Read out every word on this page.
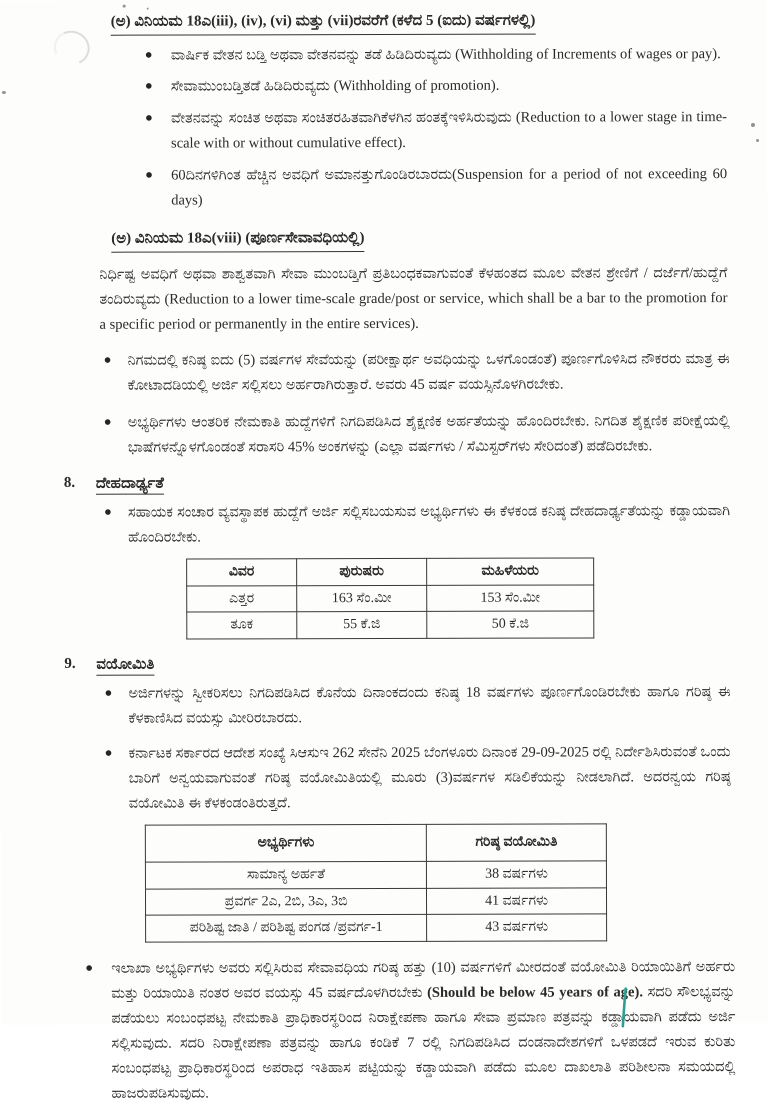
(ಅ) ವಿನಿಯಮ 18ಎ(iii), (iv), (vi) ಮತ್ತು (vii)ರವರೆಗೆ (ಕಳೆದ 5 (ಐದು) ವರ್ಷಗಳಲ್ಲಿ)
●	ವಾರ್ಷಿಕ ವೇತನ ಬಡ್ತಿ ಅಥವಾ ವೇತನವನ್ನು ತಡೆ ಹಿಡಿದಿರುವ್ಯದು (Withholding of Increments of wages or pay).
●	ಸೇವಾಮುಂಬಡ್ತಿತಡೆ ಹಿಡಿದಿರುವ್ಯದು (Withholding of promotion).
●	ವೇತನವನ್ನು ಸಂಚಿತ ಅಥವಾ ಸಂಚಿತರಹಿತವಾಗಿಕೆಳಗಿನ ಹಂತಕ್ಕೆಇಳಿಸಿರುವುದು (Reduction to a lower stage in time-scale with or without cumulative effect).
●	60ದಿನಗಳಿಗಿಂತ ಹೆಚ್ಚಿನ ಅವಧಿಗೆ ಅಮಾನತ್ತುಗೊಂಡಿರಬಾರದು(Suspension for a period of not exceeding 60 days)
(ಅ) ವಿನಿಯಮ 18ಎ(viii) (ಪೂರ್ಣಸೇವಾವಧಿಯಲ್ಲಿ)
ನಿರ್ಧಿಷ್ಟ ಅವಧಿಗೆ ಅಥವಾ ಶಾಶ್ವತವಾಗಿ ಸೇವಾ ಮುಂಬಡ್ತಿಗೆ ಪ್ರತಿಬಂಧಕವಾಗುವಂತೆ ಕೆಳಹಂತದ ಮೂಲ ವೇತನ ಶ್ರೇಣಿಗೆ / ದರ್ಜೆಗೆ/ಹುದ್ದೆಗೆ ತಂದಿರುವ್ಯದು (Reduction to a lower time-scale grade/post or service, which shall be a bar to the promotion for a specific period or permanently in the entire services).
●	ನಿಗಮದಲ್ಲಿ ಕನಿಷ್ಠ ಐದು (5) ವರ್ಷಗಳ ಸೇವೆಯನ್ನು (ಪರೀಕ್ಷಾರ್ಥ ಅವಧಿಯನ್ನು ಒಳಗೊಂಡಂತೆ) ಪೂರ್ಣಗೊಳಿಸಿದ ನೌಕರರು ಮಾತ್ರ ಈ ಕೋಟಾದಡಿಯಲ್ಲಿ ಅರ್ಜಿ ಸಲ್ಲಿಸಲು ಅರ್ಹರಾಗಿರುತ್ತಾರೆ. ಅವರು 45 ವರ್ಷ ವಯಸ್ಸಿನೊಳಗಿರಬೇಕು.
●	ಅಭ್ಯರ್ಥಿಗಳು ಆಂತರಿಕ ನೇಮಕಾತಿ ಹುದ್ದೆಗಳಿಗೆ ನಿಗದಿಪಡಿಸಿದ ಶೈಕ್ಷಣಿಕ ಅರ್ಹತೆಯನ್ನು ಹೊಂದಿರಬೇಕು. ನಿಗದಿತ ಶೈಕ್ಷಣಿಕ ಪರೀಕ್ಷೆಯಲ್ಲಿ ಭಾಷೆಗಳನ್ನೊಳಗೊಂಡಂತೆ ಸರಾಸರಿ 45% ಅಂಕಗಳನ್ನು (ಎಲ್ಲಾ ವರ್ಷಗಳು / ಸೆಮಿಸ್ಟರ್‌ಗಳು ಸೇರಿದಂತೆ) ಪಡೆದಿರಬೇಕು.
8.	ದೇಹದಾರ್ಢ್ಯತೆ
●	ಸಹಾಯಕ ಸಂಚಾರ ವ್ಯವಸ್ಥಾಪಕ ಹುದ್ದೆಗೆ ಅರ್ಜಿ ಸಲ್ಲಿಸಬಯಸುವ ಅಭ್ಯರ್ಥಿಗಳು ಈ ಕೆಳಕಂಡ ಕನಿಷ್ಠ ದೇಹದಾರ್ಢ್ಯತೆಯನ್ನು ಕಡ್ಡಾಯವಾಗಿ ಹೊಂದಿರಬೇಕು.
ವಿವರ	ಪುರುಷರು	ಮಹಿಳೆಯರು
ಎತ್ತರ	163 ಸೆಂ.ಮೀ	153 ಸೆಂ.ಮೀ
ತೂಕ	55 ಕೆ.ಜಿ	50 ಕೆ.ಜಿ
9.	ವಯೋಮಿತಿ
●	ಅರ್ಜಿಗಳನ್ನು ಸ್ವೀಕರಿಸಲು ನಿಗದಿಪಡಿಸಿದ ಕೊನೆಯ ದಿನಾಂಕದಂದು ಕನಿಷ್ಠ 18 ವರ್ಷಗಳು ಪೂರ್ಣಗೊಂಡಿರಬೇಕು ಹಾಗೂ ಗರಿಷ್ಠ ಈ ಕೆಳಕಾಣಿಸಿದ ವಯಸ್ಸು ಮೀರಿರಬಾರದು.
●	ಕರ್ನಾಟಕ ಸರ್ಕಾರದ ಆದೇಶ ಸಂಖ್ಯೆ ಸಿಆಸುಇ 262 ಸೇನೆನಿ 2025 ಬೆಂಗಳೂರು ದಿನಾಂಕ 29-09-2025 ರಲ್ಲಿ ನಿರ್ದೇಶಿಸಿರುವಂತೆ ಒಂದು ಬಾರಿಗೆ ಅನ್ವಯವಾಗುವಂತೆ ಗರಿಷ್ಠ ವಯೋಮಿತಿಯಲ್ಲಿ ಮೂರು (3)ವರ್ಷಗಳ ಸಡಿಲಿಕೆಯನ್ನು ನೀಡಲಾಗಿದೆ. ಅದರನ್ವಯ ಗರಿಷ್ಠ ವಯೋಮಿತಿ ಈ ಕೆಳಕಂಡಂತಿರುತ್ತದೆ.
ಅಭ್ಯರ್ಥಿಗಳು	ಗರಿಷ್ಠ ವಯೋಮಿತಿ
ಸಾಮಾನ್ಯ ಅರ್ಹತೆ	38 ವರ್ಷಗಳು
ಪ್ರವರ್ಗ 2ಎ, 2ಬಿ, 3ಎ, 3ಬಿ	41 ವರ್ಷಗಳು
ಪರಿಶಿಷ್ಟ ಜಾತಿ / ಪರಿಶಿಷ್ಟ ಪಂಗಡ /ಪ್ರವರ್ಗ-1	43 ವರ್ಷಗಳು
●	ಇಲಾಖಾ ಅಭ್ಯರ್ಥಿಗಳು ಅವರು ಸಲ್ಲಿಸಿರುವ ಸೇವಾವಧಿಯ ಗರಿಷ್ಠ ಹತ್ತು (10) ವರ್ಷಗಳಿಗೆ ಮೀರದಂತೆ ವಯೋಮಿತಿ ರಿಯಾಯಿತಿಗೆ ಅರ್ಹರು ಮತ್ತು ರಿಯಾಯಿತಿ ನಂತರ ಅವರ ವಯಸ್ಸು 45 ವರ್ಷದೊಳಗಿರಬೇಕು (Should be below 45 years of age). ಸದರಿ ಸೌಲಭ್ಯವನ್ನು ಪಡೆಯಲು ಸಂಬಂಧಪಟ್ಟ ನೇಮಕಾತಿ ಪ್ರಾಧಿಕಾರಸ್ಥರಿಂದ ನಿರಾಕ್ಷೇಪಣಾ ಹಾಗೂ ಸೇವಾ ಪ್ರಮಾಣ ಪತ್ರವನ್ನು ಕಡ್ಡಾಯವಾಗಿ ಪಡೆದು ಅರ್ಜಿ ಸಲ್ಲಿಸುವುದು. ಸದರಿ ನಿರಾಕ್ಷೇಪಣಾ ಪತ್ರವನ್ನು ಹಾಗೂ ಕಂಡಿಕೆ 7 ರಲ್ಲಿ ನಿಗದಿಪಡಿಸಿದ ದಂಡನಾದೇಶಗಳಿಗೆ ಒಳಪಡದೆ ಇರುವ ಕುರಿತು ಸಂಬಂಧಪಟ್ಟ ಪ್ರಾಧಿಕಾರಸ್ಥರಿಂದ ಅಪರಾಧ ಇತಿಹಾಸ ಪಟ್ಟಿಯನ್ನು ಕಡ್ಡಾಯವಾಗಿ ಪಡೆದು ಮೂಲ ದಾಖಲಾತಿ ಪರಿಶೀಲನಾ ಸಮಯದಲ್ಲಿ ಹಾಜರುಪಡಿಸುವುದು.
